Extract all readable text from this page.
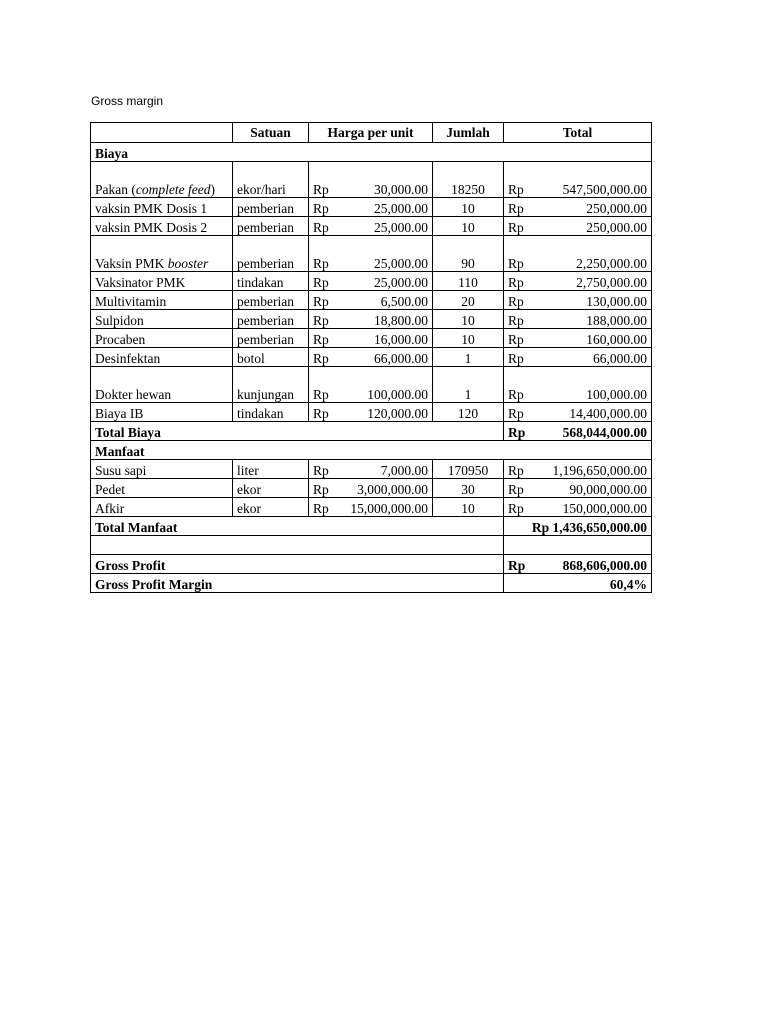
Gross margin
	Satuan	Harga per unit	Jumlah	Total
Biaya				
Pakan (complete feed)	ekor/hari	Rp 30,000.00	18250	Rp 547,500,000.00

vaksin PMK Dosis 1	pemberian	Rp 25,000.00	10	Rp 250,000.00

vaksin PMK Dosis 2	pemberian	Rp 25,000.00	10	Rp 250,000.00

Vaksin PMK booster	pemberian	Rp 25,000.00	90	Rp 2,250,000.00

Vaksinator PMK	tindakan	Rp 25,000.00	110	Rp 2,750,000.00

Multivitamin	pemberian	Rp 6,500.00	20	Rp 130,000.00

Sulpidon	pemberian	Rp 18,800.00	10	Rp 188,000.00

Procaben	pemberian	Rp 16,000.00	10	Rp 160,000.00

Desinfektan	botol	Rp 66,000.00	1	Rp 66,000.00

Dokter hewan	kunjungan	Rp 100,000.00	1	Rp 100,000.00

Biaya IB	tindakan	Rp 120,000.00	120	Rp 14,400,000.00

Total Biaya				Rp 568,044,000.00

Manfaat				
Susu sapi	liter	Rp 7,000.00	170950	Rp 1,196,650,000.00

Pedet	ekor	Rp 3,000,000.00	30	Rp 90,000,000.00

Afkir	ekor	Rp 15,000,000.00	10	Rp 150,000,000.00

Total Manfaat				Rp 1,436,650,000.00

Gross Profit				Rp 868,606,000.00

Gross Profit Margin				60,4%
